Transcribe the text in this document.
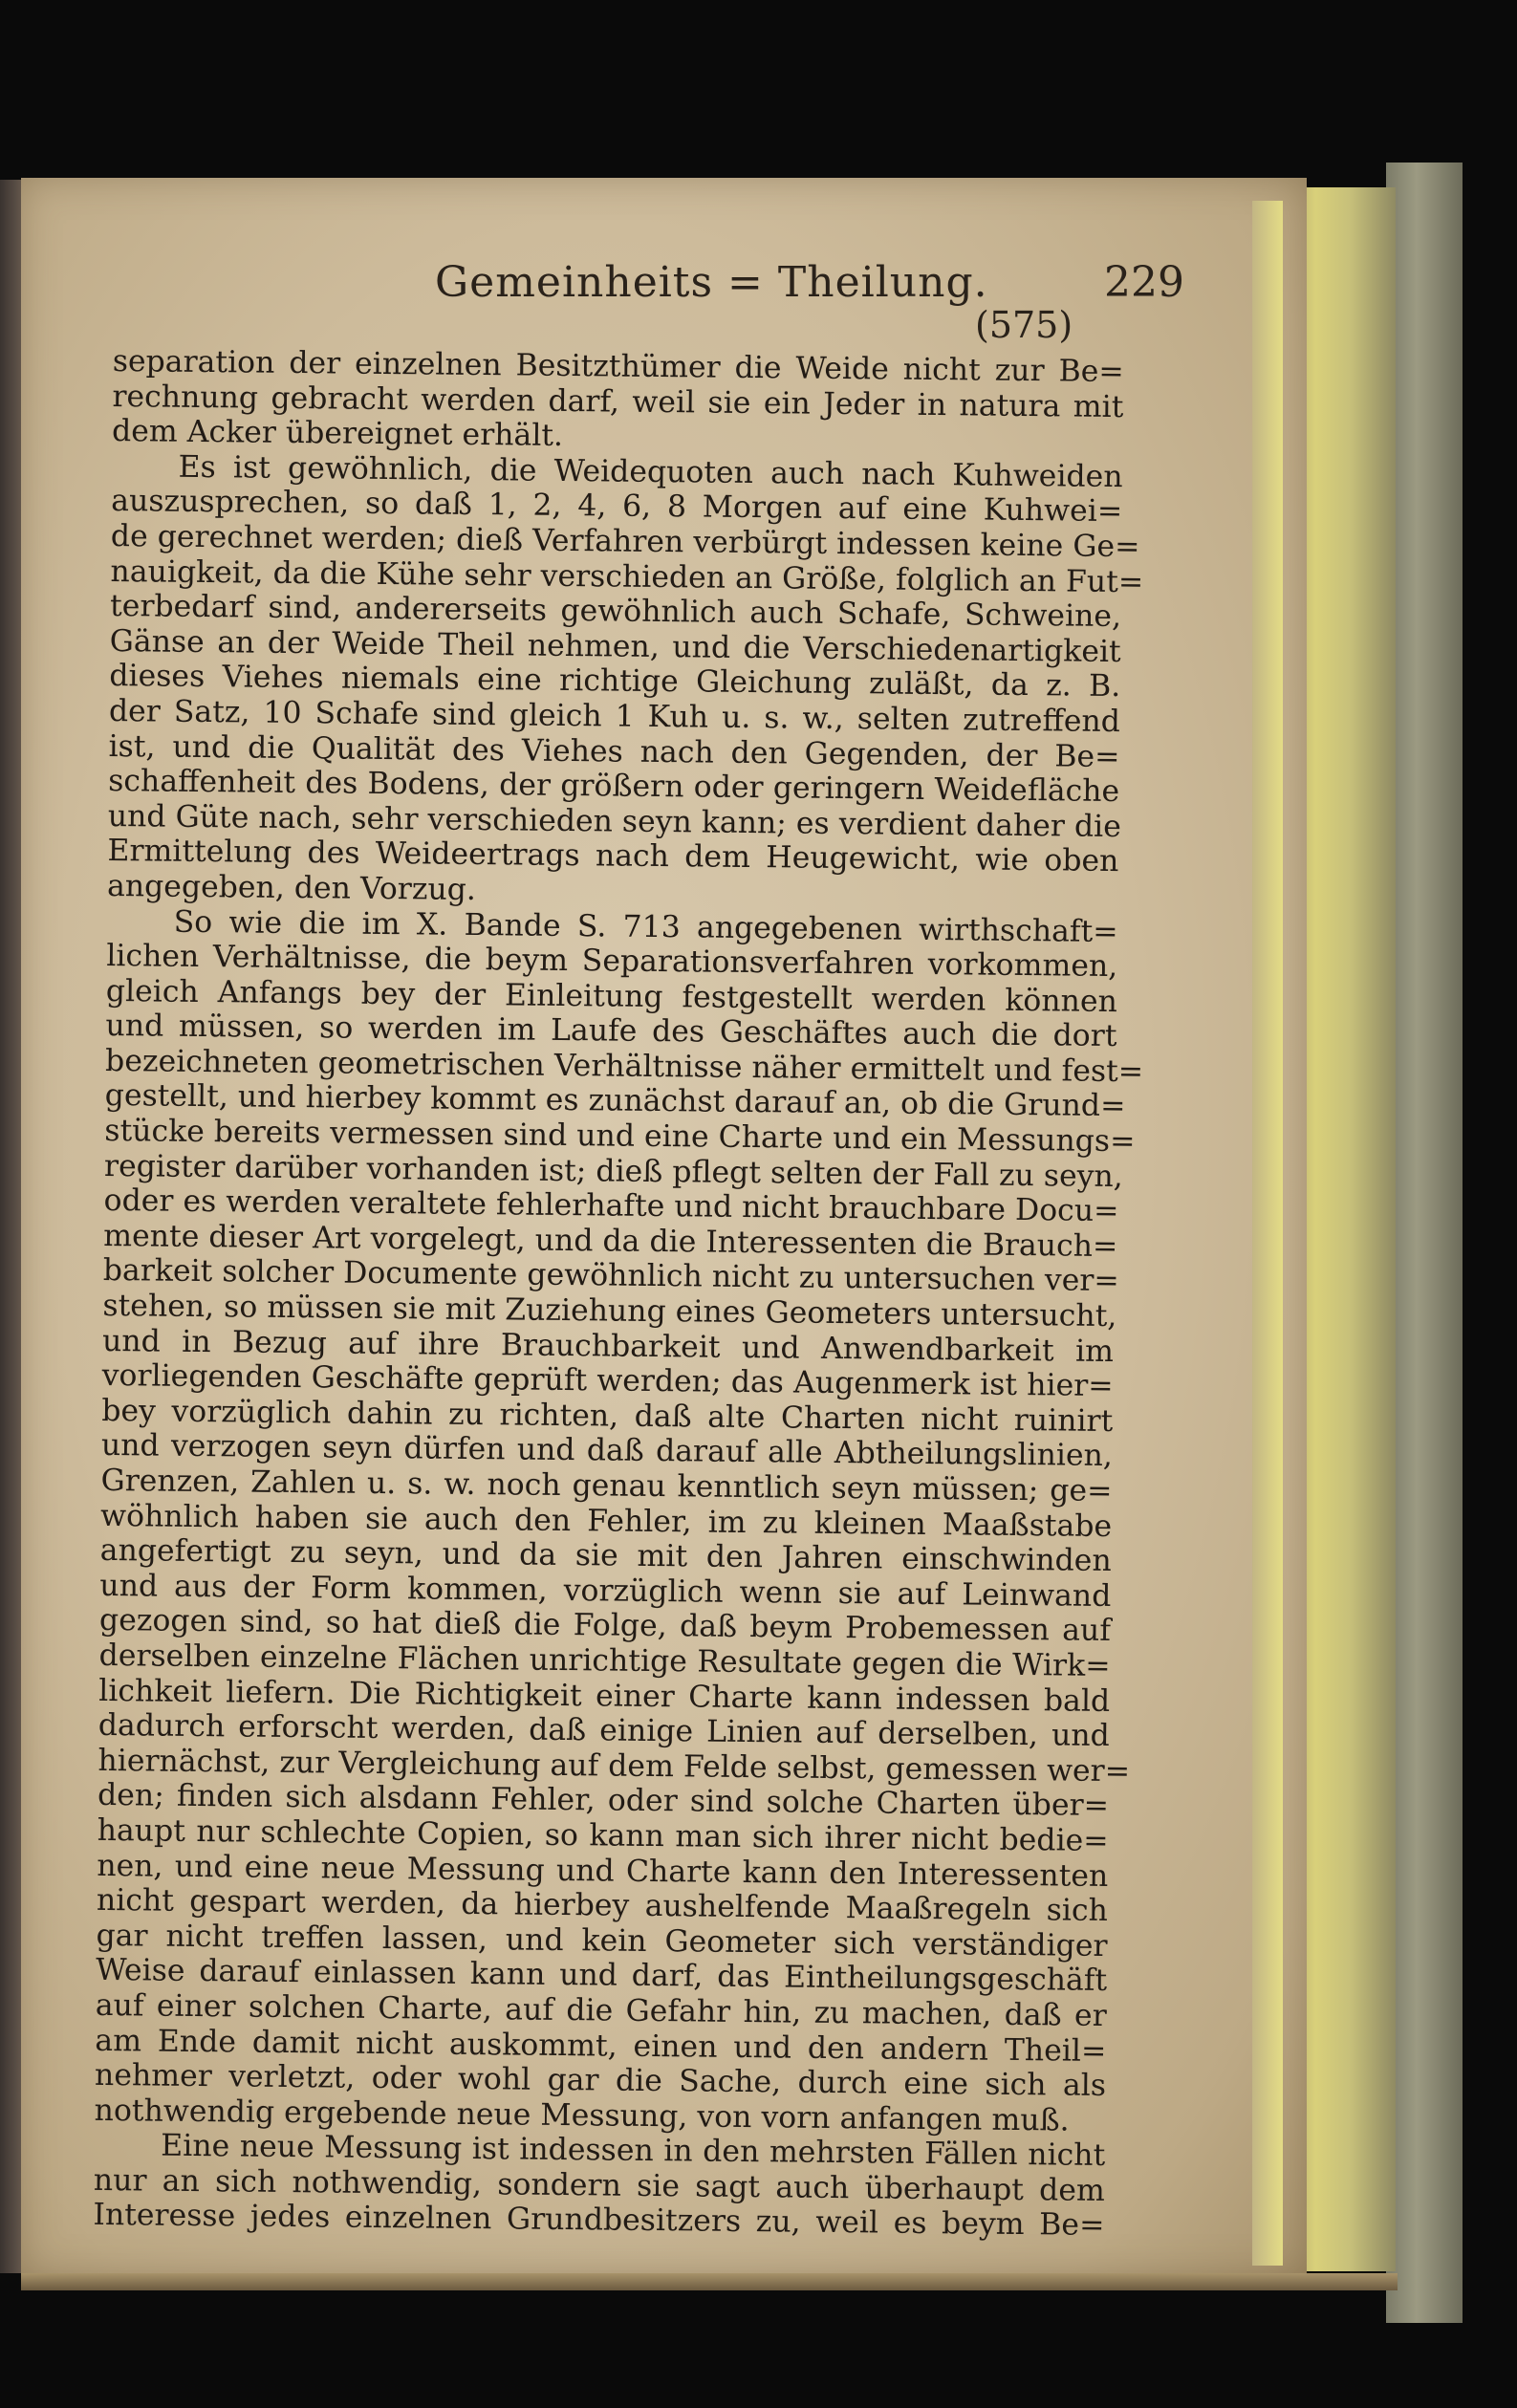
Gemeinheits = Theilung.	229
(575)
separation der einzelnen Besitzthümer die Weide nicht zur Be=
rechnung gebracht werden darf, weil sie ein Jeder in natura mit
dem Acker übereignet erhält.
Es ist gewöhnlich, die Weidequoten auch nach Kuhweiden
auszusprechen, so daß 1, 2, 4, 6, 8 Morgen auf eine Kuhwei=
de gerechnet werden; dieß Verfahren verbürgt indessen keine Ge=
nauigkeit, da die Kühe sehr verschieden an Größe, folglich an Fut=
terbedarf sind, andererseits gewöhnlich auch Schafe, Schweine,
Gänse an der Weide Theil nehmen, und die Verschiedenartigkeit
dieses Viehes niemals eine richtige Gleichung zuläßt, da z. B.
der Satz, 10 Schafe sind gleich 1 Kuh u. s. w., selten zutreffend
ist, und die Qualität des Viehes nach den Gegenden, der Be=
schaffenheit des Bodens, der größern oder geringern Weidefläche
und Güte nach, sehr verschieden seyn kann; es verdient daher die
Ermittelung des Weideertrags nach dem Heugewicht, wie oben
angegeben, den Vorzug.
So wie die im X. Bande S. 713 angegebenen wirthschaft=
lichen Verhältnisse, die beym Separationsverfahren vorkommen,
gleich Anfangs bey der Einleitung festgestellt werden können
und müssen, so werden im Laufe des Geschäftes auch die dort
bezeichneten geometrischen Verhältnisse näher ermittelt und fest=
gestellt, und hierbey kommt es zunächst darauf an, ob die Grund=
stücke bereits vermessen sind und eine Charte und ein Messungs=
register darüber vorhanden ist; dieß pflegt selten der Fall zu seyn,
oder es werden veraltete fehlerhafte und nicht brauchbare Docu=
mente dieser Art vorgelegt, und da die Interessenten die Brauch=
barkeit solcher Documente gewöhnlich nicht zu untersuchen ver=
stehen, so müssen sie mit Zuziehung eines Geometers untersucht,
und in Bezug auf ihre Brauchbarkeit und Anwendbarkeit im
vorliegenden Geschäfte geprüft werden; das Augenmerk ist hier=
bey vorzüglich dahin zu richten, daß alte Charten nicht ruinirt
und verzogen seyn dürfen und daß darauf alle Abtheilungslinien,
Grenzen, Zahlen u. s. w. noch genau kenntlich seyn müssen; ge=
wöhnlich haben sie auch den Fehler, im zu kleinen Maaßstabe
angefertigt zu seyn, und da sie mit den Jahren einschwinden
und aus der Form kommen, vorzüglich wenn sie auf Leinwand
gezogen sind, so hat dieß die Folge, daß beym Probemessen auf
derselben einzelne Flächen unrichtige Resultate gegen die Wirk=
lichkeit liefern. Die Richtigkeit einer Charte kann indessen bald
dadurch erforscht werden, daß einige Linien auf derselben, und
hiernächst, zur Vergleichung auf dem Felde selbst, gemessen wer=
den; finden sich alsdann Fehler, oder sind solche Charten über=
haupt nur schlechte Copien, so kann man sich ihrer nicht bedie=
nen, und eine neue Messung und Charte kann den Interessenten
nicht gespart werden, da hierbey aushelfende Maaßregeln sich
gar nicht treffen lassen, und kein Geometer sich verständiger
Weise darauf einlassen kann und darf, das Eintheilungsgeschäft
auf einer solchen Charte, auf die Gefahr hin, zu machen, daß er
am Ende damit nicht auskommt, einen und den andern Theil=
nehmer verletzt, oder wohl gar die Sache, durch eine sich als
nothwendig ergebende neue Messung, von vorn anfangen muß.
Eine neue Messung ist indessen in den mehrsten Fällen nicht
nur an sich nothwendig, sondern sie sagt auch überhaupt dem
Interesse jedes einzelnen Grundbesitzers zu, weil es beym Be=
